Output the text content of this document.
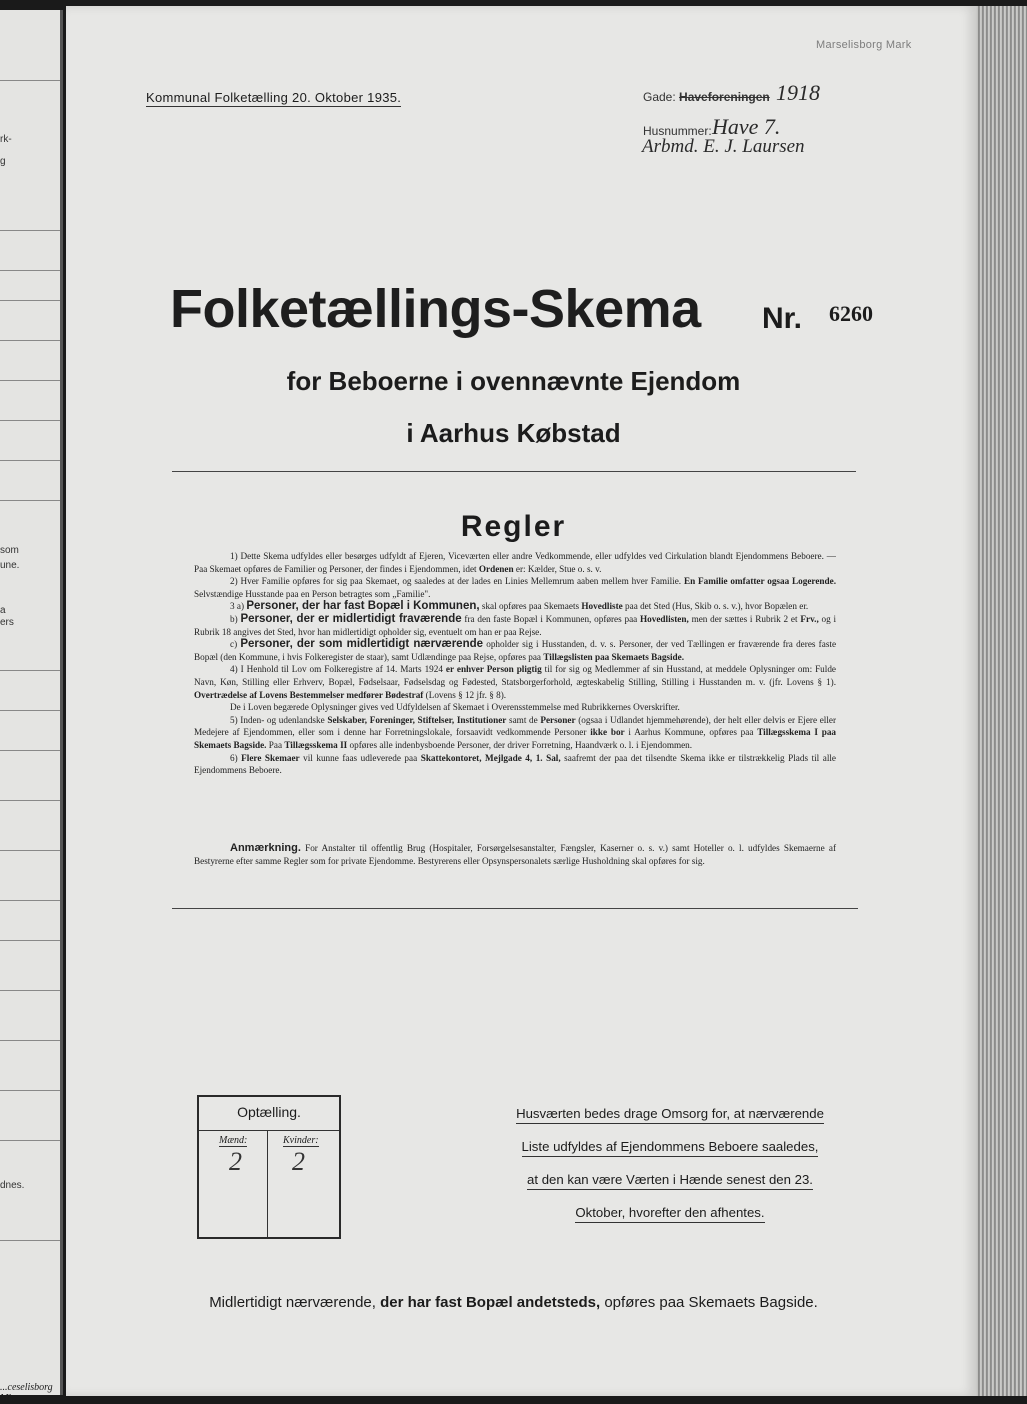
rk-
g
som
une.
a
ers
dnes.
...ceselisborg Mk.
Marselisborg Mark
Kommunal Folketælling 20. Oktober 1935.	Gade: Haveforeningen 1918
Husnummer: Have 7.
Arbmd. E. J. Laursen
Folketællings-Skema Nr. 6260
for Beboerne i ovennævnte Ejendom
i Aarhus Købstad
Regler

1) Dette Skema udfyldes eller besørges udfyldt af Ejeren, Viceværten eller andre Vedkommende, eller udfyldes ved Cirkulation blandt Ejendommens Beboere. — Paa Skemaet opføres de Familier og Personer, der findes i Ejendommen, idet Ordenen er: Kælder, Stue o. s. v.

2) Hver Familie opføres for sig paa Skemaet, og saaledes at der lades en Linies Mellemrum aaben mellem hver Familie. En Familie omfatter ogsaa Logerende. Selvstændige Husstande paa en Person betragtes som „Familie".

3 a) Personer, der har fast Bopæl i Kommunen, skal opføres paa Skemaets Hovedliste paa det Sted (Hus, Skib o. s. v.), hvor Bopælen er.

b) Personer, der er midlertidigt fraværende fra den faste Bopæl i Kommunen, opføres paa Hovedlisten, men der sættes i Rubrik 2 et Frv., og i Rubrik 18 angives det Sted, hvor han midlertidigt opholder sig, eventuelt om han er paa Rejse.

c) Personer, der som midlertidigt nærværende opholder sig i Husstanden, d. v. s. Personer, der ved Tællingen er fraværende fra deres faste Bopæl (den Kommune, i hvis Folkeregister de staar), samt Udlændinge paa Rejse, opføres paa Tillægslisten paa Skemaets Bagside.

4) I Henhold til Lov om Folkeregistre af 14. Marts 1924 er enhver Person pligtig til for sig og Medlemmer af sin Husstand, at meddele Oplysninger om: Fulde Navn, Køn, Stilling eller Erhverv, Bopæl, Fødselsaar, Fødselsdag og Fødested, Statsborgerforhold, ægteskabelig Stilling, Stilling i Husstanden m. v. (jfr. Lovens § 1). Overtrædelse af Lovens Bestemmelser medfører Bødestraf (Lovens § 12 jfr. § 8).

De i Loven begærede Oplysninger gives ved Udfyldelsen af Skemaet i Overensstemmelse med Rubrikkernes Overskrifter.

5) Inden- og udenlandske Selskaber, Foreninger, Stiftelser, Institutioner samt de Personer (ogsaa i Udlandet hjemmehørende), der helt eller delvis er Ejere eller Medejere af Ejendommen, eller som i denne har Forretningslokale, forsaavidt vedkommende Personer ikke bor i Aarhus Kommune, opføres paa Tillægsskema I paa Skemaets Bagside. Paa Tillægsskema II opføres alle indenbysboende Personer, der driver Forretning, Haandværk o. l. i Ejendommen.

6) Flere Skemaer vil kunne faas udleverede paa Skattekontoret, Mejlgade 4, 1. Sal, saafremt der paa det tilsendte Skema ikke er tilstrækkelig Plads til alle Ejendommens Beboere.

Anmærkning. For Anstalter til offentlig Brug (Hospitaler, Forsørgelsesanstalter, Fængsler, Kaserner o. s. v.) samt Hoteller o. l. udfyldes Skemaerne af Bestyrerne efter samme Regler som for private Ejendomme. Bestyrerens eller Opsynspersonalets særlige Husholdning skal opføres for sig.
Optælling.
Mænd:	Kvinder:
2 2
Husværten bedes drage Omsorg for, at nærværende
Liste udfyldes af Ejendommens Beboere saaledes,
at den kan være Værten i Hænde senest den 23.
Oktober, hvorefter den afhentes.
Midlertidigt nærværende, der har fast Bopæl andetsteds, opføres paa Skemaets Bagside.
